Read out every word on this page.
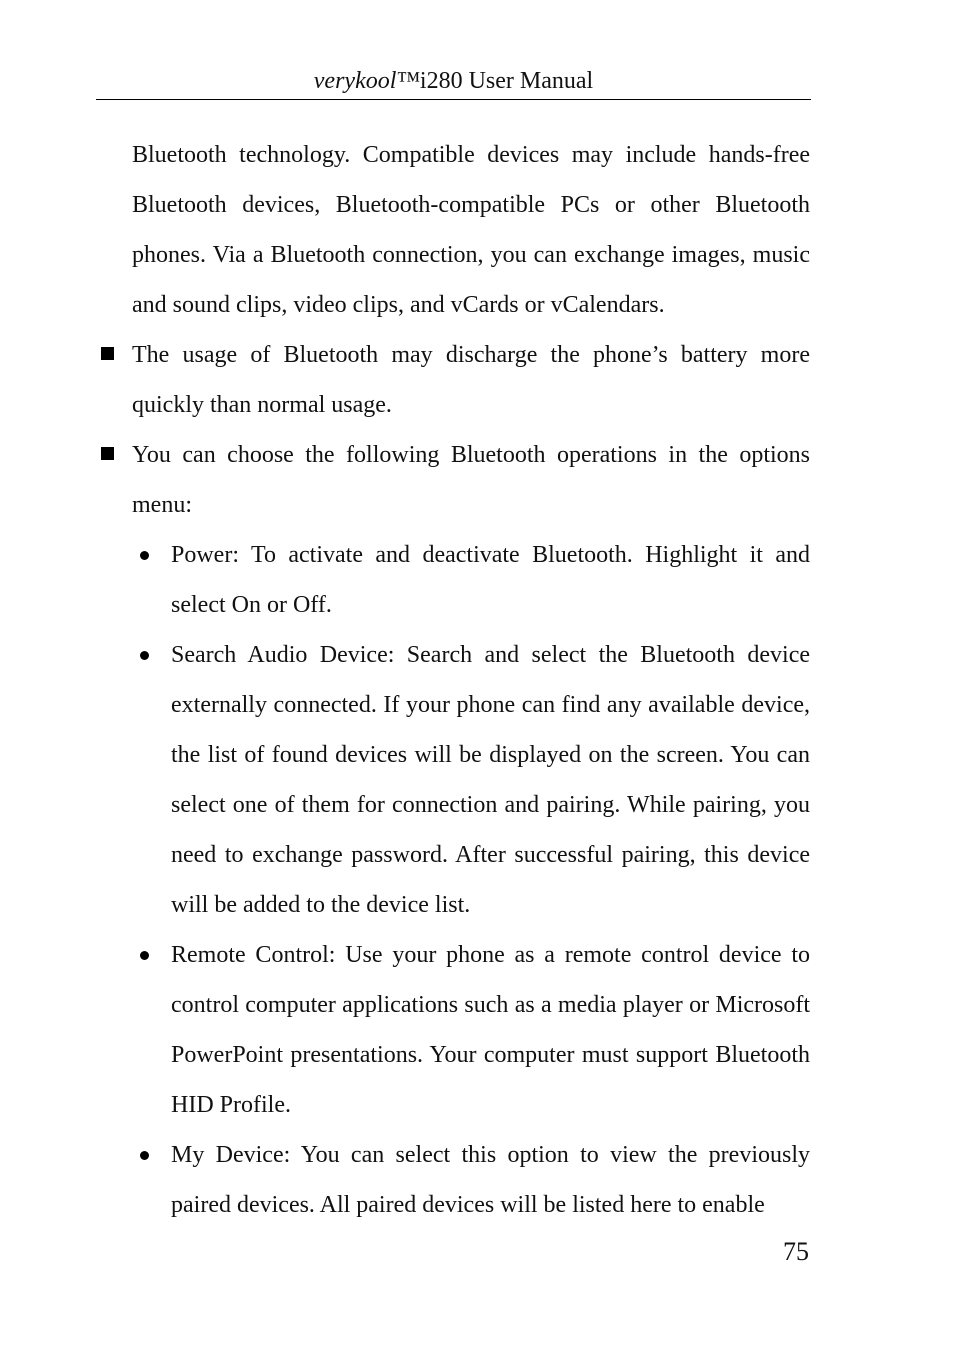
verykool™i280 User Manual

Bluetooth technology. Compatible devices may include hands-free Bluetooth devices, Bluetooth-compatible PCs or other Bluetooth phones. Via a Bluetooth connection, you can exchange images, music and sound clips, video clips, and vCards or vCalendars.

The usage of Bluetooth may discharge the phone’s battery more quickly than normal usage.
You can choose the following Bluetooth operations in the options menu:
Power: To activate and deactivate Bluetooth. Highlight it and select On or Off.
Search Audio Device: Search and select the Bluetooth device externally connected. If your phone can find any available device, the list of found devices will be displayed on the screen. You can select one of them for connection and pairing. While pairing, you need to exchange password. After successful pairing, this device will be added to the device list.
Remote Control: Use your phone as a remote control device to control computer applications such as a media player or Microsoft PowerPoint presentations. Your computer must support Bluetooth HID Profile.
My Device: You can select this option to view the previously paired devices. All paired devices will be listed here to enable
75
